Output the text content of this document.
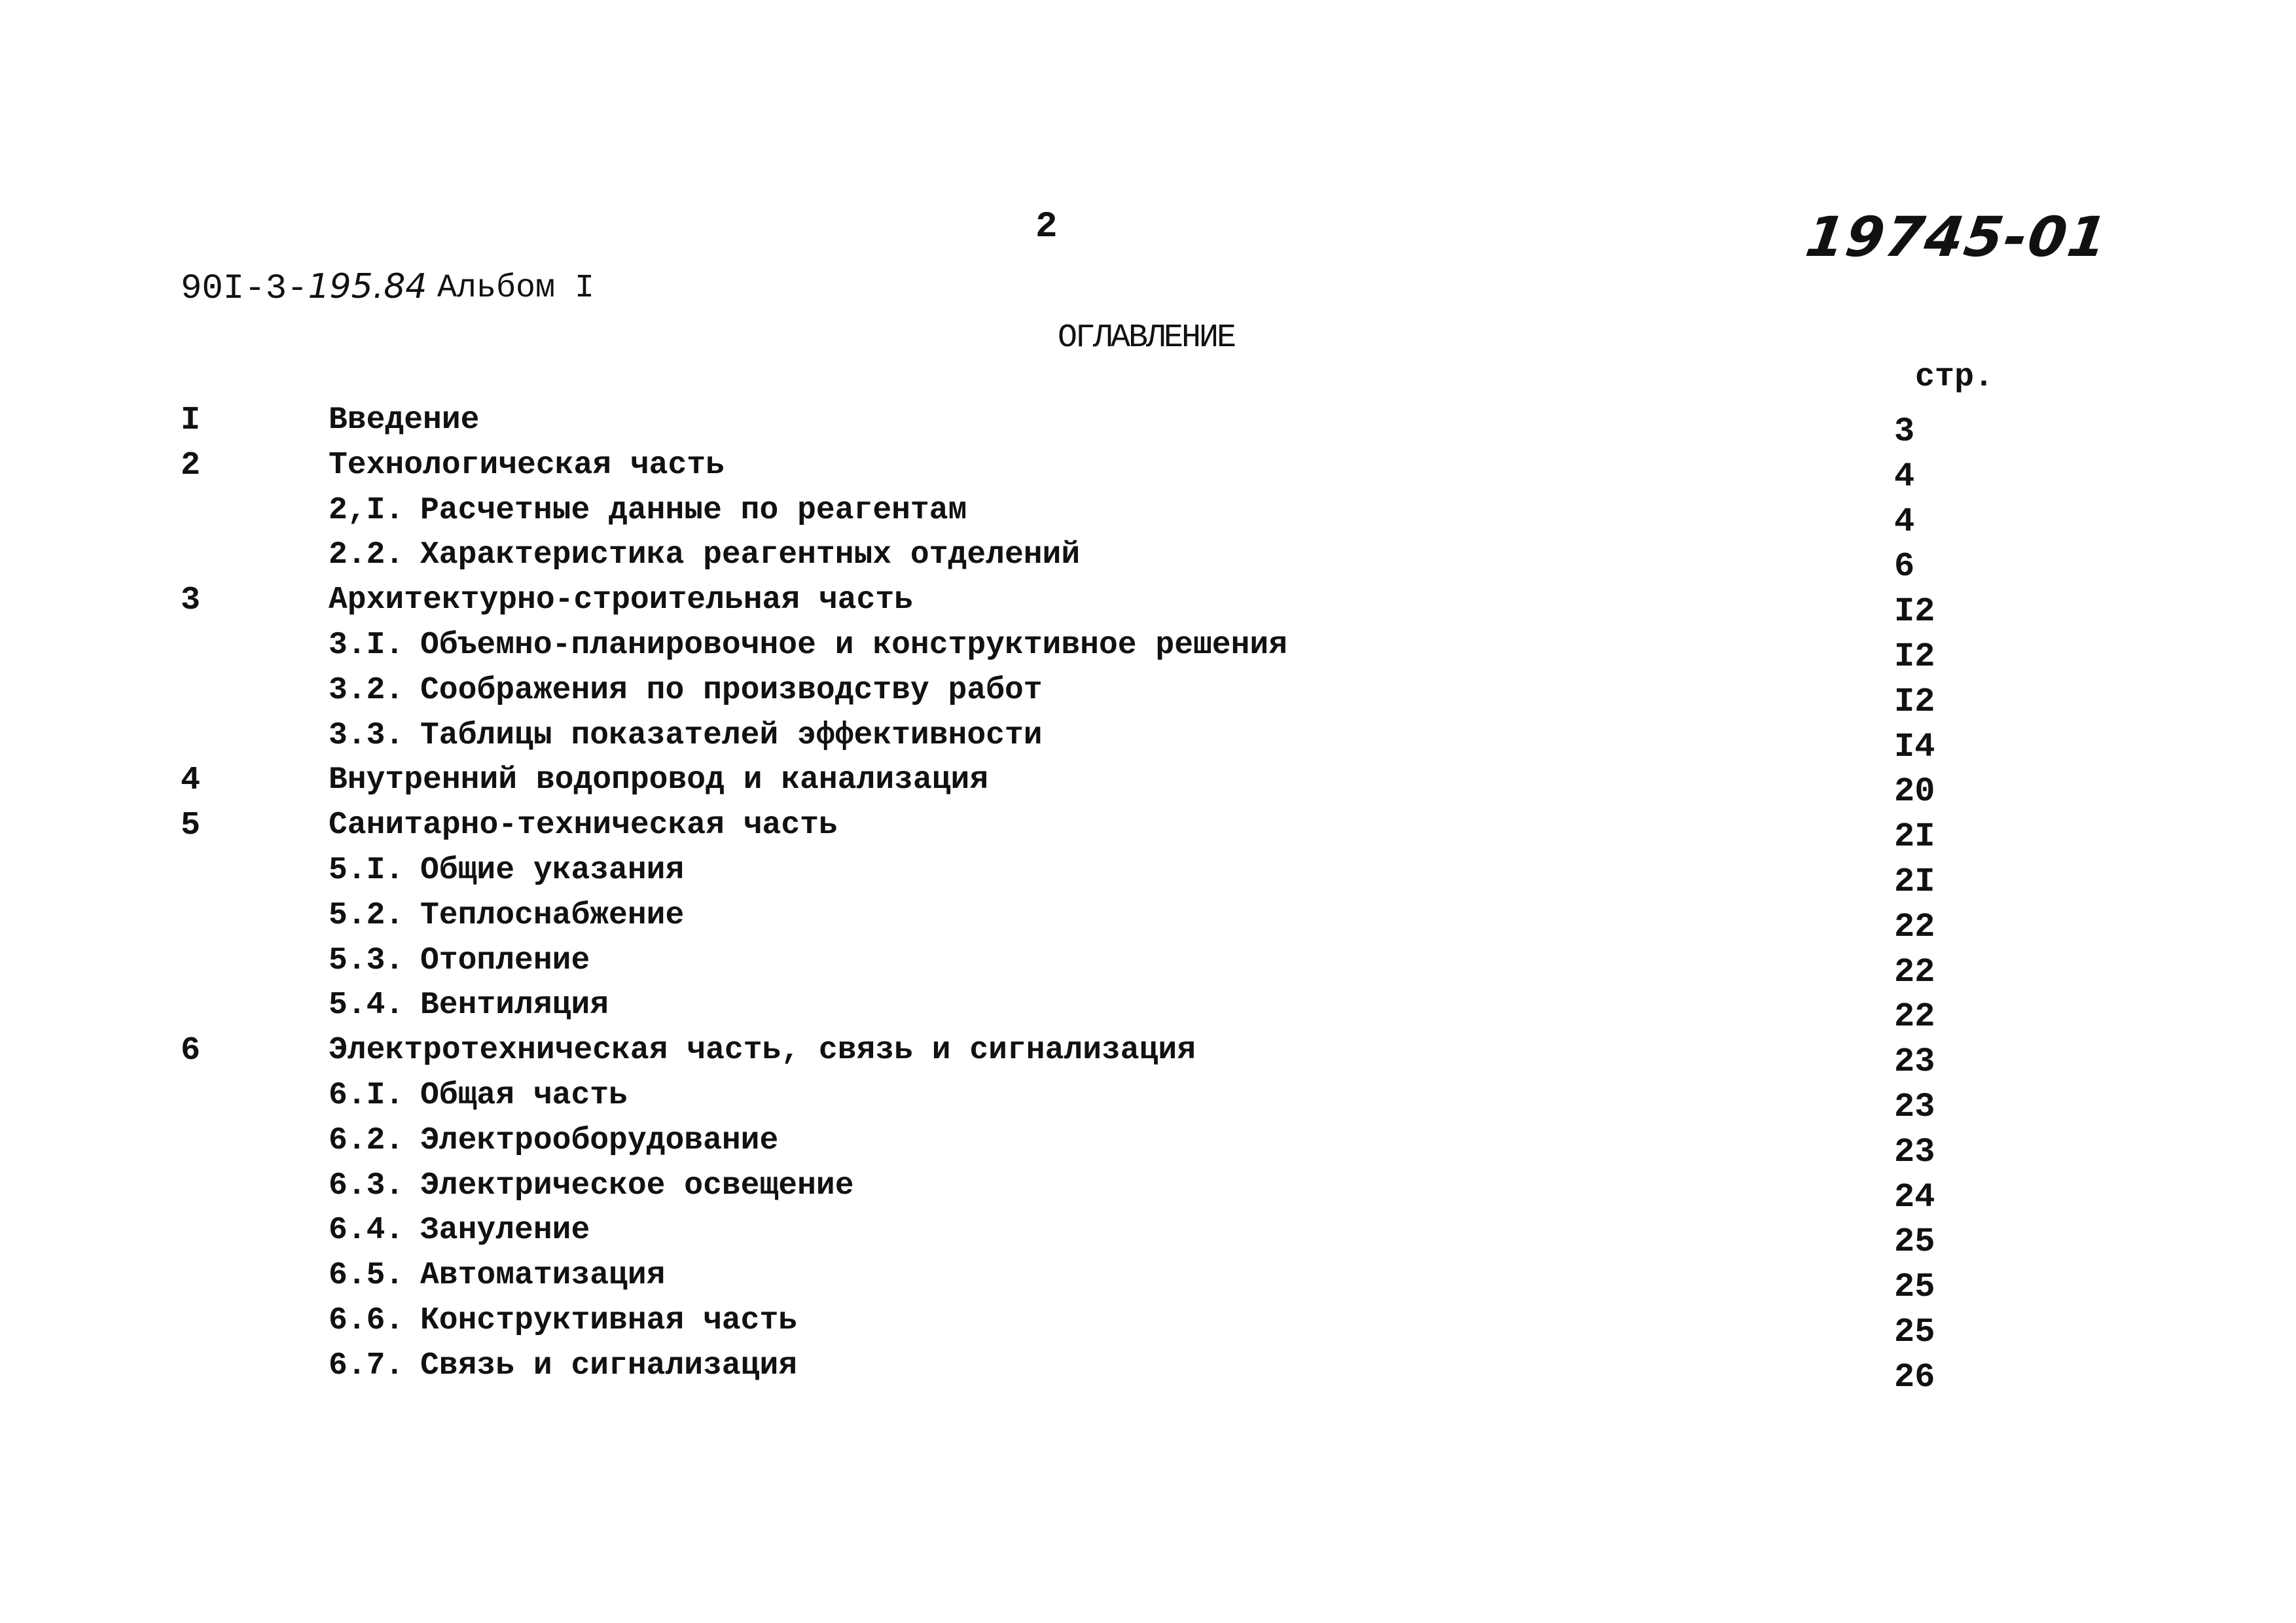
2	19745-01
90I-3-195.84 Альбом I
ОГЛАВЛЕНИЕ
стр.
I	Введение	3
2	Технологическая часть	4
2,I. Расчетные данные по реагентам	4
2.2. Характеристика реагентных отделений	6
3	Архитектурно-строительная часть	I2
3.I. Объемно-планировочное и конструктивное решения	I2
3.2. Соображения по производству работ	I2
3.3. Таблицы показателей эффективности	I4
4	Внутренний водопровод и канализация	20
5	Санитарно-техническая часть	2I
5.I. Общие указания	2I
5.2. Теплоснабжение	22
5.3. Отопление	22
5.4. Вентиляция	22
6	Электротехническая часть, связь и сигнализация	23
6.I. Общая часть	23
6.2. Электрооборудование	23
6.3. Электрическое освещение	24
6.4. Зануление	25
6.5. Автоматизация	25
6.6. Конструктивная часть	25
6.7. Связь и сигнализация	26
